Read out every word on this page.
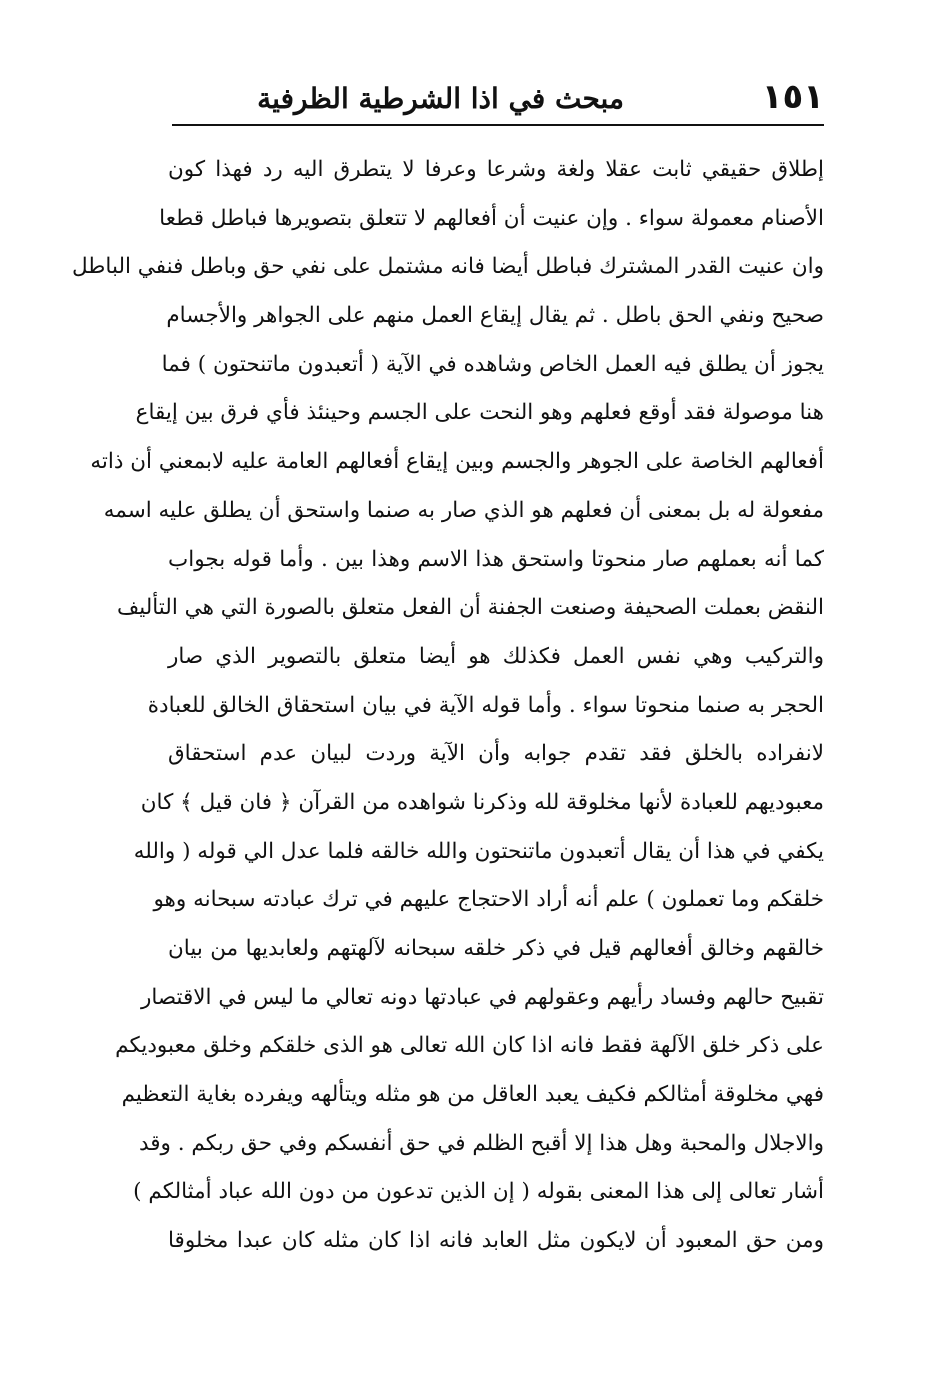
١٥١
مبحث في اذا الشرطية الظرفية
إطلاق حقيقي ثابت عقلا ولغة وشرعا وعرفا لا يتطرق اليه رد فهذا كون
الأصنام معمولة سواء . وإن عنيت أن أفعالهم لا تتعلق بتصويرها فباطل قطعا
وان عنيت القدر المشترك فباطل أيضا فانه مشتمل على نفي حق وباطل فنفي الباطل
صحيح ونفي الحق باطل . ثم يقال إيقاع العمل منهم على الجواهر والأجسام
يجوز أن يطلق فيه العمل الخاص وشاهده في الآية ( أتعبدون ماتنحتون ) فما
هنا موصولة فقد أوقع فعلهم وهو النحت على الجسم وحينئذ فأي فرق بين إيقاع
أفعالهم الخاصة على الجوهر والجسم وبين إيقاع أفعالهم العامة عليه لابمعني أن ذاته
مفعولة له بل بمعنى أن فعلهم هو الذي صار به صنما واستحق أن يطلق عليه اسمه
كما أنه بعملهم صار منحوتا واستحق هذا الاسم وهذا بين . وأما قوله بجواب
النقض بعملت الصحيفة وصنعت الجفنة أن الفعل متعلق بالصورة التي هي التأليف
والتركيب وهي نفس العمل فكذلك هو أيضا متعلق بالتصوير الذي صار
الحجر به صنما منحوتا سواء . وأما قوله الآية في بيان استحقاق الخالق للعبادة
لانفراده بالخلق فقد تقدم جوابه وأن الآية وردت لبيان عدم استحقاق
معبوديهم للعبادة لأنها مخلوقة لله وذكرنا شواهده من القرآن ﴿ فان قيل ﴾ كان
يكفي في هذا أن يقال أتعبدون ماتنحتون والله خالقه فلما عدل الي قوله ( والله
خلقكم وما تعملون ) علم أنه أراد الاحتجاج عليهم في ترك عبادته سبحانه وهو
خالقهم وخالق أفعالهم قيل في ذكر خلقه سبحانه لآلهتهم ولعابديها من بيان
تقبيح حالهم وفساد رأيهم وعقولهم في عبادتها دونه تعالي ما ليس في الاقتصار
على ذكر خلق الآلهة فقط فانه اذا كان الله تعالى هو الذى خلقكم وخلق معبوديكم
فهي مخلوقة أمثالكم فكيف يعبد العاقل من هو مثله ويتألهه ويفرده بغاية التعظيم
والاجلال والمحبة وهل هذا إلا أقبح الظلم في حق أنفسكم وفي حق ربكم . وقد
أشار تعالى إلى هذا المعنى بقوله ( إن الذين تدعون من دون الله عباد أمثالكم )
ومن حق المعبود أن لايكون مثل العابد فانه اذا كان مثله كان عبدا مخلوقا
